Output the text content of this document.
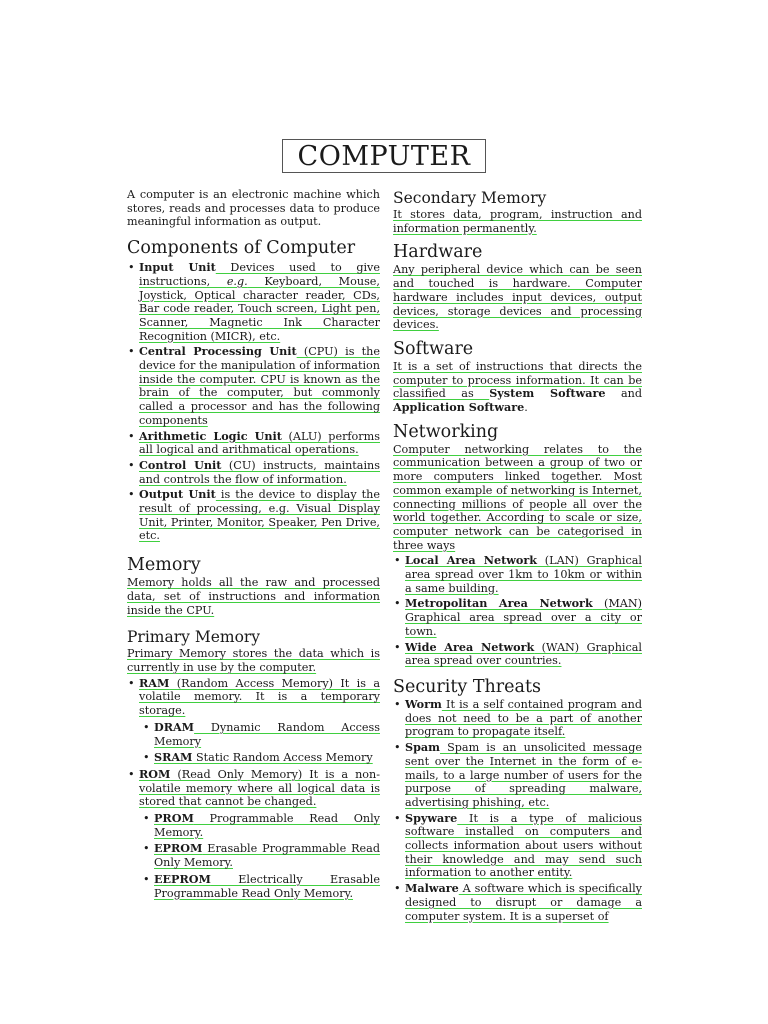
COMPUTER

A computer is an electronic machine which stores, reads and processes data to produce meaningful information as output.

Components of Computer
• Input Unit Devices used to give instructions, e.g. Keyboard, Mouse, Joystick, Optical character reader, CDs, Bar code reader, Touch screen, Light pen, Scanner, Magnetic Ink Character Recognition (MICR), etc.
• Central Processing Unit (CPU) is the device for the manipulation of information inside the computer. CPU is known as the brain of the computer, but commonly called a processor and has the following components
• Arithmetic Logic Unit (ALU) performs all logical and arithmatical operations.
• Control Unit (CU) instructs, maintains and controls the flow of information.
• Output Unit is the device to display the result of processing, e.g. Visual Display Unit, Printer, Monitor, Speaker, Pen Drive, etc.
Memory

Memory holds all the raw and processed data, set of instructions and information inside the CPU.

Primary Memory

Primary Memory stores the data which is currently in use by the computer.

• RAM (Random Access Memory) It is a volatile memory. It is a temporary storage.
• DRAM Dynamic Random Access Memory
• SRAM Static Random Access Memory
• ROM (Read Only Memory) It is a non-volatile memory where all logical data is stored that cannot be changed.
• PROM Programmable Read Only Memory.
• EPROM Erasable Programmable Read Only Memory.
• EEPROM Electrically Erasable Programmable Read Only Memory.
Secondary Memory

It stores data, program, instruction and information permanently.

Hardware

Any peripheral device which can be seen and touched is hardware. Computer hardware includes input devices, output devices, storage devices and processing devices.

Software

It is a set of instructions that directs the computer to process information. It can be classified as System Software and Application Software.

Networking

Computer networking relates to the communication between a group of two or more computers linked together. Most common example of networking is Internet, connecting millions of people all over the world together. According to scale or size, computer network can be categorised in three ways

• Local Area Network (LAN) Graphical area spread over 1km to 10km or within a same building.
• Metropolitan Area Network (MAN) Graphical area spread over a city or town.
• Wide Area Network (WAN) Graphical area spread over countries.
Security Threats
• Worm It is a self contained program and does not need to be a part of another program to propagate itself.
• Spam Spam is an unsolicited message sent over the Internet in the form of e-mails, to a large number of users for the purpose of spreading malware, advertising phishing, etc.
• Spyware It is a type of malicious software installed on computers and collects information about users without their knowledge and may send such information to another entity.
• Malware A software which is specifically designed to disrupt or damage a computer system. It is a superset of
